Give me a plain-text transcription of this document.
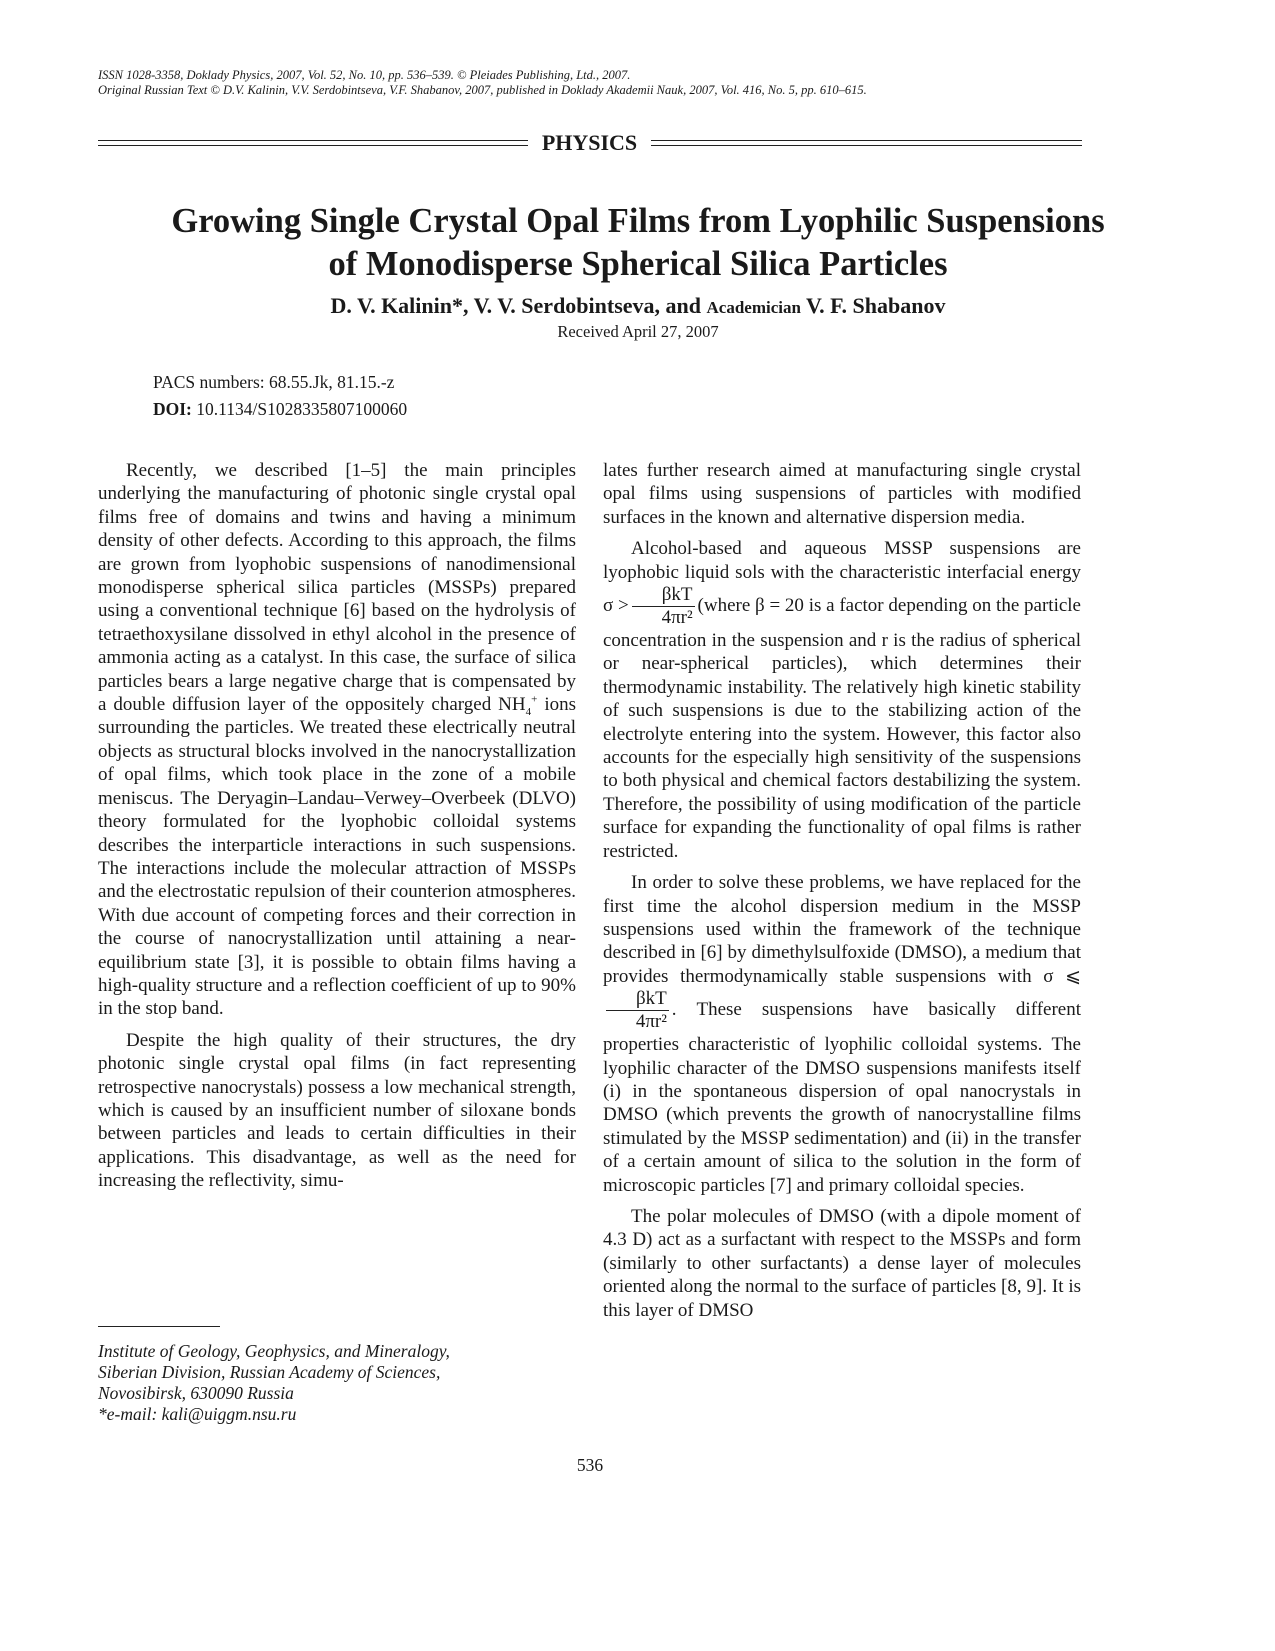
ISSN 1028-3358, Doklady Physics, 2007, Vol. 52, No. 10, pp. 536–539. © Pleiades Publishing, Ltd., 2007.
Original Russian Text © D.V. Kalinin, V.V. Serdobintseva, V.F. Shabanov, 2007, published in Doklady Akademii Nauk, 2007, Vol. 416, No. 5, pp. 610–615.
PHYSICS
Growing Single Crystal Opal Films from Lyophilic Suspensions
of Monodisperse Spherical Silica Particles
D. V. Kalinin*, V. V. Serdobintseva, and Academician V. F. Shabanov
Received April 27, 2007
PACS numbers: 68.55.Jk, 81.15.-z
DOI: 10.1134/S1028335807100060

Recently, we described [1–5] the main principles underlying the manufacturing of photonic single crystal opal films free of domains and twins and having a minimum density of other defects. According to this approach, the films are grown from lyophobic suspensions of nanodimensional monodisperse spherical silica particles (MSSPs) prepared using a conventional technique [6] based on the hydrolysis of tetraethoxysilane dissolved in ethyl alcohol in the presence of ammonia acting as a catalyst. In this case, the surface of silica particles bears a large negative charge that is compensated by a double diffusion layer of the oppositely charged $NH_4^+$ ions surrounding the particles. We treated these electrically neutral objects as structural blocks involved in the nanocrystallization of opal films, which took place in the zone of a mobile meniscus. The Deryagin–Landau–Verwey–Overbeek (DLVO) theory formulated for the lyophobic colloidal systems describes the interparticle interactions in such suspensions. The interactions include the molecular attraction of MSSPs and the electrostatic repulsion of their counterion atmospheres. With due account of competing forces and their correction in the course of nanocrystallization until attaining a near-equilibrium state [3], it is possible to obtain films having a high-quality structure and a reflection coefficient of up to 90% in the stop band.

Despite the high quality of their structures, the dry photonic single crystal opal films (in fact representing retrospective nanocrystals) possess a low mechanical strength, which is caused by an insufficient number of siloxane bonds between particles and leads to certain difficulties in their applications. This disadvantage, as well as the need for increasing the reflectivity, simu-

Institute of Geology, Geophysics, and Mineralogy,
Siberian Division, Russian Academy of Sciences,
Novosibirsk, 630090 Russia
*e-mail: kali@uiggm.nsu.ru

lates further research aimed at manufacturing single crystal opal films using suspensions of particles with modified surfaces in the known and alternative dispersion media.

Alcohol-based and aqueous MSSP suspensions are lyophobic liquid sols with the characteristic interfacial energy $\sigma > \frac{\text{βkT}}{\text{4πr²}}$ (where β = 20 is a factor depending on the particle concentration in the suspension and r is the radius of spherical or near-spherical particles), which determines their thermodynamic instability. The relatively high kinetic stability of such suspensions is due to the stabilizing action of the electrolyte entering into the system. However, this factor also accounts for the especially high sensitivity of the suspensions to both physical and chemical factors destabilizing the system. Therefore, the possibility of using modification of the particle surface for expanding the functionality of opal films is rather restricted.

In order to solve these problems, we have replaced for the first time the alcohol dispersion medium in the MSSP suspensions used within the framework of the technique described in [6] by dimethylsulfoxide (DMSO), a medium that provides thermodynamically stable suspensions with σ ⩽
$\frac{\text{βkT}}{\text{4πr²}}$ . These suspensions have basically different properties characteristic of lyophilic colloidal systems. The lyophilic character of the DMSO suspensions manifests itself (i) in the spontaneous dispersion of opal nanocrystals in DMSO (which prevents the growth of nanocrystalline films stimulated by the MSSP sedimentation) and (ii) in the transfer of a certain amount of silica to the solution in the form of microscopic particles [7] and primary colloidal species.

The polar molecules of DMSO (with a dipole moment of 4.3 D) act as a surfactant with respect to the MSSPs and form (similarly to other surfactants) a dense layer of molecules oriented along the normal to the surface of particles [8, 9]. It is this layer of DMSO

536
